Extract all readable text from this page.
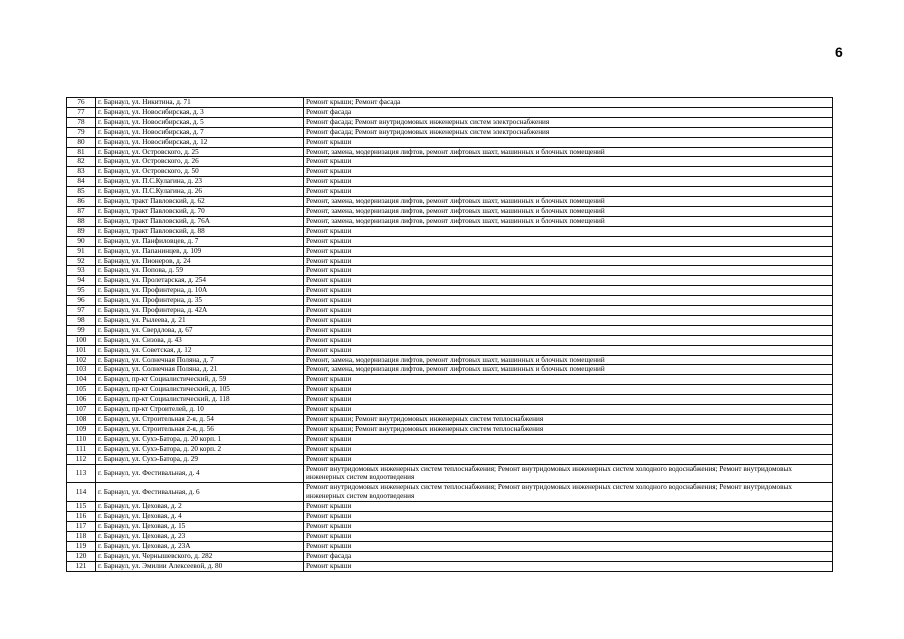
6
76	г. Барнаул, ул. Никитина, д. 71	Ремонт крыши; Ремонт фасада
77	г. Барнаул, ул. Новосибирская, д. 3	Ремонт фасада
78	г. Барнаул, ул. Новосибирская, д. 5	Ремонт фасада; Ремонт внутридомовых инженерных систем электроснабжения
79	г. Барнаул, ул. Новосибирская, д. 7	Ремонт фасада; Ремонт внутридомовых инженерных систем электроснабжения
80	г. Барнаул, ул. Новосибирская, д. 12	Ремонт крыши
81	г. Барнаул, ул. Островского, д. 25	Ремонт, замена, модернизация лифтов, ремонт лифтовых шахт, машинных и блочных помещений
82	г. Барнаул, ул. Островского, д. 26	Ремонт крыши
83	г. Барнаул, ул. Островского, д. 50	Ремонт крыши
84	г. Барнаул, ул. П.С.Кулагина, д. 23	Ремонт крыши
85	г. Барнаул, ул. П.С.Кулагина, д. 26	Ремонт крыши
86	г. Барнаул, тракт Павловский, д. 62	Ремонт, замена, модернизация лифтов, ремонт лифтовых шахт, машинных и блочных помещений
87	г. Барнаул, тракт Павловский, д. 70	Ремонт, замена, модернизация лифтов, ремонт лифтовых шахт, машинных и блочных помещений
88	г. Барнаул, тракт Павловский, д. 76А	Ремонт, замена, модернизация лифтов, ремонт лифтовых шахт, машинных и блочных помещений
89	г. Барнаул, тракт Павловский, д. 88	Ремонт крыши
90	г. Барнаул, ул. Панфиловцев, д. 7	Ремонт крыши
91	г. Барнаул, ул. Папанинцев, д. 109	Ремонт крыши
92	г. Барнаул, ул. Пионеров, д. 24	Ремонт крыши
93	г. Барнаул, ул. Попова, д. 59	Ремонт крыши
94	г. Барнаул, ул. Пролетарская, д. 254	Ремонт крыши
95	г. Барнаул, ул. Профинтерна, д. 10А	Ремонт крыши
96	г. Барнаул, ул. Профинтерна, д. 35	Ремонт крыши
97	г. Барнаул, ул. Профинтерна, д. 42А	Ремонт крыши
98	г. Барнаул, ул. Рылеева, д. 21	Ремонт крыши
99	г. Барнаул, ул. Свердлова, д. 67	Ремонт крыши
100	г. Барнаул, ул. Сизова, д. 43	Ремонт крыши
101	г. Барнаул, ул. Советская, д. 12	Ремонт крыши
102	г. Барнаул, ул. Солнечная Поляна, д. 7	Ремонт, замена, модернизация лифтов, ремонт лифтовых шахт, машинных и блочных помещений
103	г. Барнаул, ул. Солнечная Поляна, д. 21	Ремонт, замена, модернизация лифтов, ремонт лифтовых шахт, машинных и блочных помещений
104	г. Барнаул, пр-кт Социалистический, д. 59	Ремонт крыши
105	г. Барнаул, пр-кт Социалистический, д. 105	Ремонт крыши
106	г. Барнаул, пр-кт Социалистический, д. 118	Ремонт крыши
107	г. Барнаул, пр-кт Строителей, д. 10	Ремонт крыши
108	г. Барнаул, ул. Строительная 2-я, д. 54	Ремонт крыши; Ремонт внутридомовых инженерных систем теплоснабжения
109	г. Барнаул, ул. Строительная 2-я, д. 56	Ремонт крыши; Ремонт внутридомовых инженерных систем теплоснабжения
110	г. Барнаул, ул. Сухэ-Батора, д. 20 корп. 1	Ремонт крыши
111	г. Барнаул, ул. Сухэ-Батора, д. 20 корп. 2	Ремонт крыши
112	г. Барнаул, ул. Сухэ-Батора, д. 29	Ремонт крыши
113	г. Барнаул, ул. Фестивальная, д. 4	Ремонт внутридомовых инженерных систем теплоснабжения; Ремонт внутридомовых инженерных систем холодного водоснабжения; Ремонт внутридомовых инженерных систем водоотведения
114	г. Барнаул, ул. Фестивальная, д. 6	Ремонт внутридомовых инженерных систем теплоснабжения; Ремонт внутридомовых инженерных систем холодного водоснабжения; Ремонт внутридомовых инженерных систем водоотведения
115	г. Барнаул, ул. Цеховая, д. 2	Ремонт крыши
116	г. Барнаул, ул. Цеховая, д. 4	Ремонт крыши
117	г. Барнаул, ул. Цеховая, д. 15	Ремонт крыши
118	г. Барнаул, ул. Цеховая, д. 23	Ремонт крыши
119	г. Барнаул, ул. Цеховая, д. 23А	Ремонт крыши
120	г. Барнаул, ул. Чернышевского, д. 282	Ремонт фасада
121	г. Барнаул, ул. Эмилии Алексеевой, д. 80	Ремонт крыши
